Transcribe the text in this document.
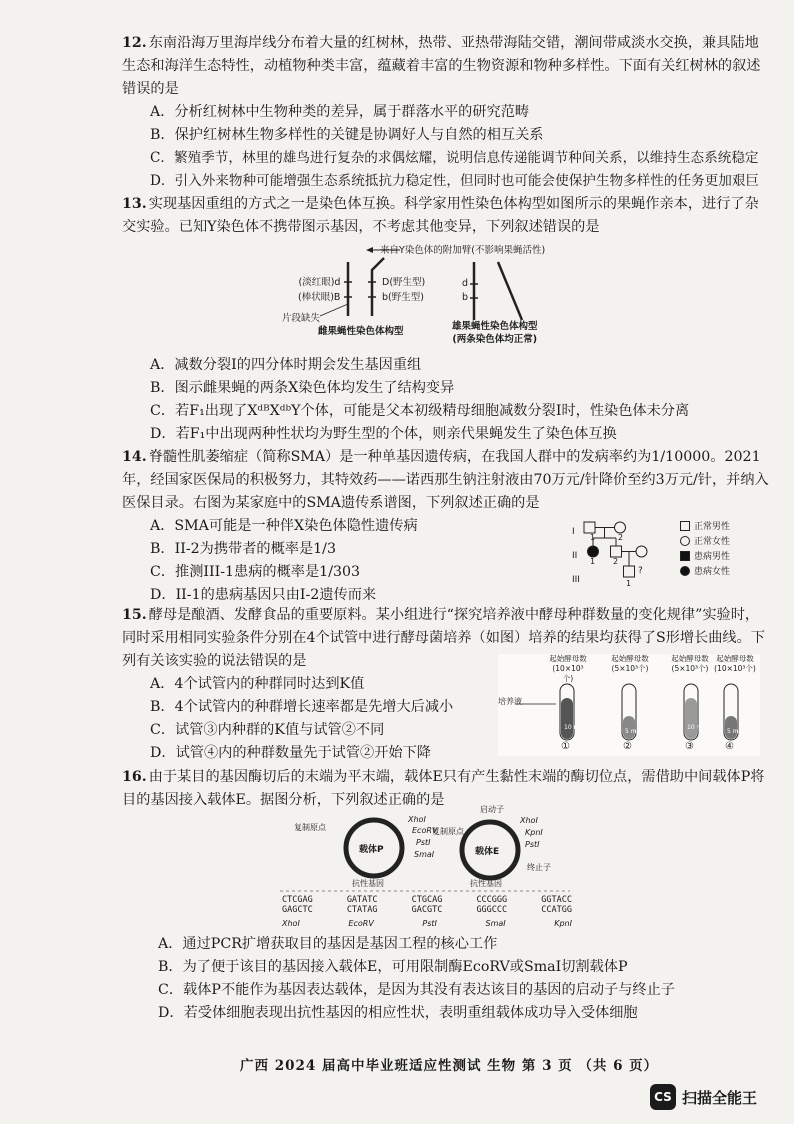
12. 东南沿海万里海岸线分布着大量的红树林，热带、亚热带海陆交错，潮间带咸淡水交换，兼具陆地生态和海洋生态特性，动植物种类丰富，蕴藏着丰富的生物资源和物种多样性。下面有关红树林的叙述错误的是
A．分析红树林中生物种类的差异，属于群落水平的研究范畴
B．保护红树林生物多样性的关键是协调好人与自然的相互关系
C．繁殖季节，林里的雄鸟进行复杂的求偶炫耀，说明信息传递能调节种间关系，以维持生态系统稳定
D．引入外来物种可能增强生态系统抵抗力稳定性，但同时也可能会使保护生物多样性的任务更加艰巨
13. 实现基因重组的方式之一是染色体互换。科学家用性染色体构型如图所示的果蝇作亲本，进行了杂交实验。已知Y染色体不携带图示基因，不考虑其他变异，下列叙述错误的是
来自Y染色体的附加臂(不影响果蝇活性)
(淡红眼)d
(棒状眼)B
D(野生型)
b(野生型)
d
b
片段缺失
雌果蝇性染色体构型	雄果蝇性染色体构型
(两条染色体均正常)
A．减数分裂Ⅰ的四分体时期会发生基因重组
B．图示雌果蝇的两条X染色体均发生了结构变异
C．若F₁出现了XᵈᴮXᵈᵇY个体，可能是父本初级精母细胞减数分裂Ⅰ时，性染色体未分离
D．若F₁中出现两种性状均为野生型的个体，则亲代果蝇发生了染色体互换
14. 脊髓性肌萎缩症（简称SMA）是一种单基因遗传病，在我国人群中的发病率约为1/10000。2021年，经国家医保局的积极努力，其特效药——诺西那生钠注射液由70万元/针降价至约3万元/针，并纳入医保目录。右图为某家庭中的SMA遗传系谱图，下列叙述正确的是
A．SMA可能是一种伴X染色体隐性遗传病
B．II-2为携带者的概率是1/3
C．推测III-1患病的概率是1/303
D．II-1的患病基因只由I-2遗传而来
I
II
III
1	2
1 2
1
?
正常男性
正常女性
患病男性
患病女性
15. 酵母是酿酒、发酵食品的重要原料。某小组进行“探究培养液中酵母种群数量的变化规律”实验时，同时采用相同实验条件分别在4个试管中进行酵母菌培养（如图）培养的结果均获得了S形增长曲线。下列有关该实验的说法错误的是
A．4个试管内的种群同时达到K值
B．4个试管内的种群增长速率都是先增大后减小
C．试管③内种群的K值与试管②不同
D．试管④内的种群数量先于试管②开始下降
培养液
起始酵母数
(10×10³个)
起始酵母数
(5×10³个)
起始酵母数
(5×10³个)
起始酵母数
(10×10³个)
10 mL
5 mL
10 mL
5 mL
①	②	③	④
16. 由于某目的基因酶切后的末端为平末端，载体E只有产生黏性末端的酶切位点，需借助中间载体P将目的基因接入载体E。据图分析，下列叙述正确的是
载体P	载体E
复制原点
XhoⅠ
EcoRⅤ
PstⅠ
SmaⅠ
抗性基因
启动子
XhoⅠ
KpnⅠ
PstⅠ
复制原点
终止子
抗性基因
CTCGAG	GATATC	CTGCAG	CCCGGG	GGTACC
GAGCTC	CTATAG	GACGTC	GGGCCC	CCATGG
XhoⅠ	EcoRⅤ	PstⅠ	SmaⅠ	KpnⅠ
A．通过PCR扩增获取目的基因是基因工程的核心工作
B．为了便于该目的基因接入载体E，可用限制酶EcoRV或SmaI切割载体P
C．载体P不能作为基因表达载体，是因为其没有表达该目的基因的启动子与终止子
D．若受体细胞表现出抗性基因的相应性状，表明重组载体成功导入受体细胞
广西 2024 届高中毕业班适应性测试 生物 第 3 页 （共 6 页）
CS 扫描全能王
